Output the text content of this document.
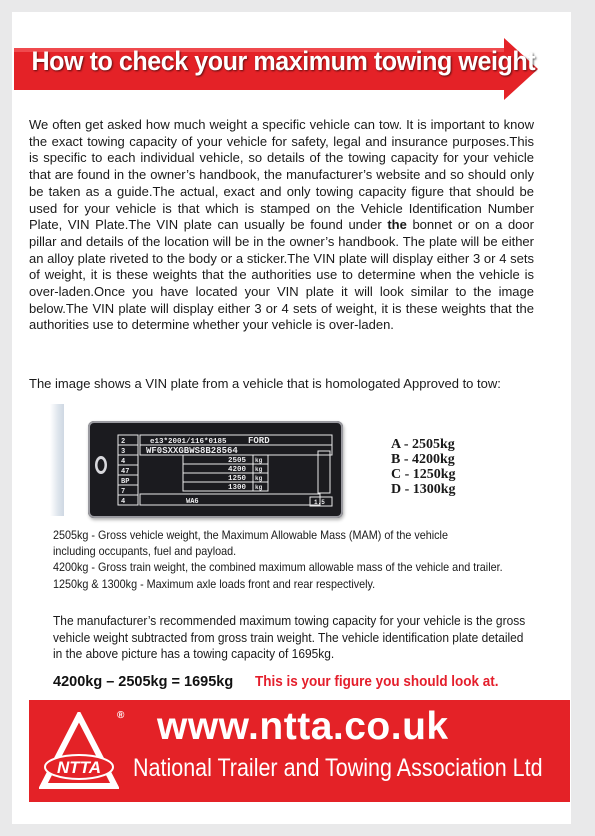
How to check your maximum towing weight

We often get asked how much weight a specific vehicle can tow. It is important to know the exact towing capacity of your vehicle for safety, legal and insurance purposes.This is specific to each individual vehicle, so details of the towing capacity for your vehicle that are found in the owner’s handbook, the manufacturer’s website and so should only be taken as a guide.The actual, exact and only towing capacity figure that should be used for your vehicle is that which is stamped on the Vehicle Identification Number Plate, VIN Plate.The VIN plate can usually be found under the bonnet or on a door pillar and details of the location will be in the owner’s handbook. The plate will be either an alloy plate riveted to the body or a sticker.The VIN plate will display either 3 or 4 sets of weight, it is these weights that the authorities use to determine when the vehicle is over-laden.Once you have located your VIN plate it will look similar to the image below.The VIN plate will display either 3 or 4 sets of weight, it is these weights that the authorities use to determine whether your vehicle is over-laden.

The image shows a VIN plate from a vehicle that is homologated Approved to tow:

FORD
e13*2001/116*0185
WF0SXXGBWS8B28564
2505
4200
1250
1300
kg
kg
kg
kg
2
3
4
47
BP
7
4	WA6	1.5
A - 2505kg
B - 4200kg
C - 1250kg
D - 1300kg
2505kg - Gross vehicle weight, the Maximum Allowable Mass (MAM) of the vehicle
including occupants, fuel and payload.
4200kg - Gross train weight, the combined maximum allowable mass of the vehicle and trailer.
1250kg & 1300kg - Maximum axle loads front and rear respectively.
The manufacturer’s recommended maximum towing capacity for your vehicle is the gross
vehicle weight subtracted from gross train weight. The vehicle identification plate detailed
in the above picture has a towing capacity of 1695kg.
4200kg – 2505kg = 1695kg This is your figure you should look at.
NTTA
® www.ntta.co.uk
National Trailer and Towing Association Ltd
